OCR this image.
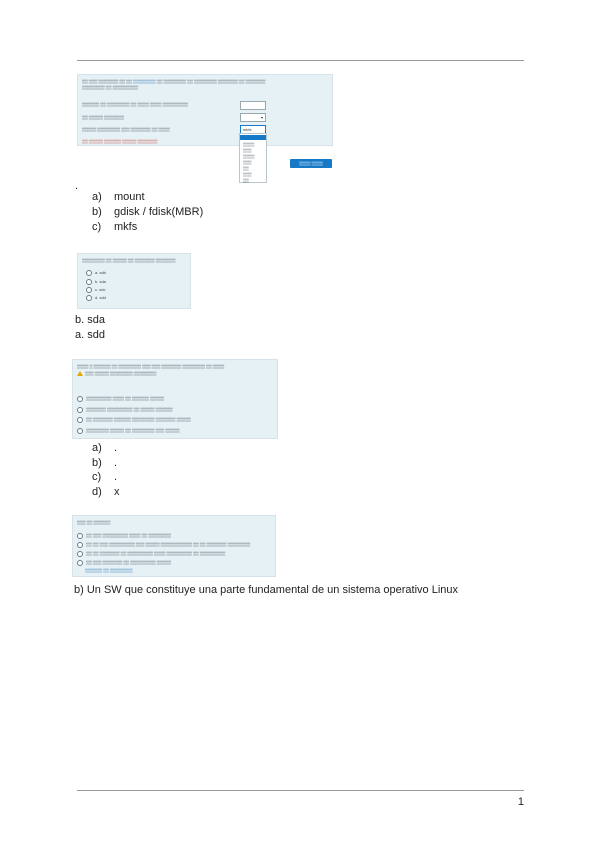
▒▒ ▒▒▒ ▒▒▒▒▒▒▒ ▒▒ ▒▒ ▒▒▒▒▒▒▒▒ ▒▒ ▒▒▒▒▒▒▒▒ ▒▒ ▒▒▒▒▒▒▒▒ ▒▒▒▒▒▒▒ ▒▒ ▒▒▒▒▒▒▒
▒▒▒▒▒▒▒▒ ▒▒ ▒▒▒▒▒▒▒▒▒
▒▒▒▒▒▒ ▒▒ ▒▒▒▒▒▒▒▒ ▒▒ ▒▒▒▒ ▒▒▒▒ ▒▒▒▒▒▒▒▒▒
▒▒ ▒▒▒▒▒ ▒▒▒▒▒▒▒
▒▒▒▒▒ ▒▒▒▒▒▒▒▒ ▒▒▒ ▒▒▒▒▒▒▒ ▒▒ ▒▒▒▒
▒▒ ▒▒▒▒▒ ▒▒▒▒▒▒ ▒▒▒▒▒ ▒▒▒▒▒▒▒
▾
mkfs
▒▒▒▒
▒▒▒
▒▒▒▒
▒▒▒
▒▒
▒▒▒
▒▒
▒▒▒▒ ▒▒▒▒
.
a) mount
b) gdisk / fdisk(MBR)
c) mkfs
▒▒▒▒▒▒▒▒ ▒▒ ▒▒▒▒▒ ▒▒ ▒▒▒▒▒▒▒ ▒▒▒▒▒▒▒
a. sdb
b. sda
c. sdc
d. sdd
b. sda
a. sdd
▒▒▒▒ ▒ ▒▒▒▒▒▒ ▒▒ ▒▒▒▒▒▒▒▒ ▒▒▒ ▒▒▒ ▒▒▒▒▒▒▒ ▒▒▒▒▒▒▒▒ ▒▒ ▒▒▒▒
▒▒▒ ▒▒▒▒▒ ▒▒▒▒▒▒▒▒ ▒▒▒▒▒▒▒▒
▒▒▒▒▒▒▒▒▒ ▒▒▒▒ ▒▒ ▒▒▒▒▒▒ ▒▒▒▒▒
▒▒▒▒▒▒▒ ▒▒▒▒▒▒▒▒▒ ▒▒ ▒▒▒▒▒ ▒▒▒▒▒▒
▒▒ ▒▒▒▒▒▒▒ ▒▒▒▒▒▒ ▒▒▒▒▒▒▒▒ ▒▒▒▒▒▒▒ ▒▒▒▒▒
▒▒▒▒▒▒▒▒ ▒▒▒▒▒ ▒▒ ▒▒▒▒▒▒▒▒ ▒▒▒ ▒▒▒▒▒
a) .
b) .
c) .
d) x
▒▒▒ ▒▒ ▒▒▒▒▒▒
▒▒ ▒▒▒ ▒▒▒▒▒▒▒▒▒ ▒▒▒▒ ▒▒ ▒▒▒▒▒▒▒▒
▒▒ ▒▒ ▒▒▒ ▒▒▒▒▒▒▒▒▒ ▒▒▒ ▒▒▒▒▒ ▒▒▒▒▒▒▒▒▒▒▒ ▒▒ ▒▒ ▒▒▒▒▒▒▒ ▒▒▒▒▒▒▒▒
▒▒ ▒▒ ▒▒▒▒▒▒▒ ▒▒ ▒▒▒▒▒▒▒▒▒ ▒▒▒▒ ▒▒▒▒▒▒▒▒▒ ▒▒ ▒▒▒▒▒▒▒▒▒
▒▒ ▒▒▒ ▒▒▒▒▒▒▒ ▒▒ ▒▒▒▒▒▒▒▒▒ ▒▒▒▒▒
▒▒▒▒▒▒ ▒▒ ▒▒▒▒▒▒▒▒
b) Un SW que constituye una parte fundamental de un sistema operativo Linux
1
